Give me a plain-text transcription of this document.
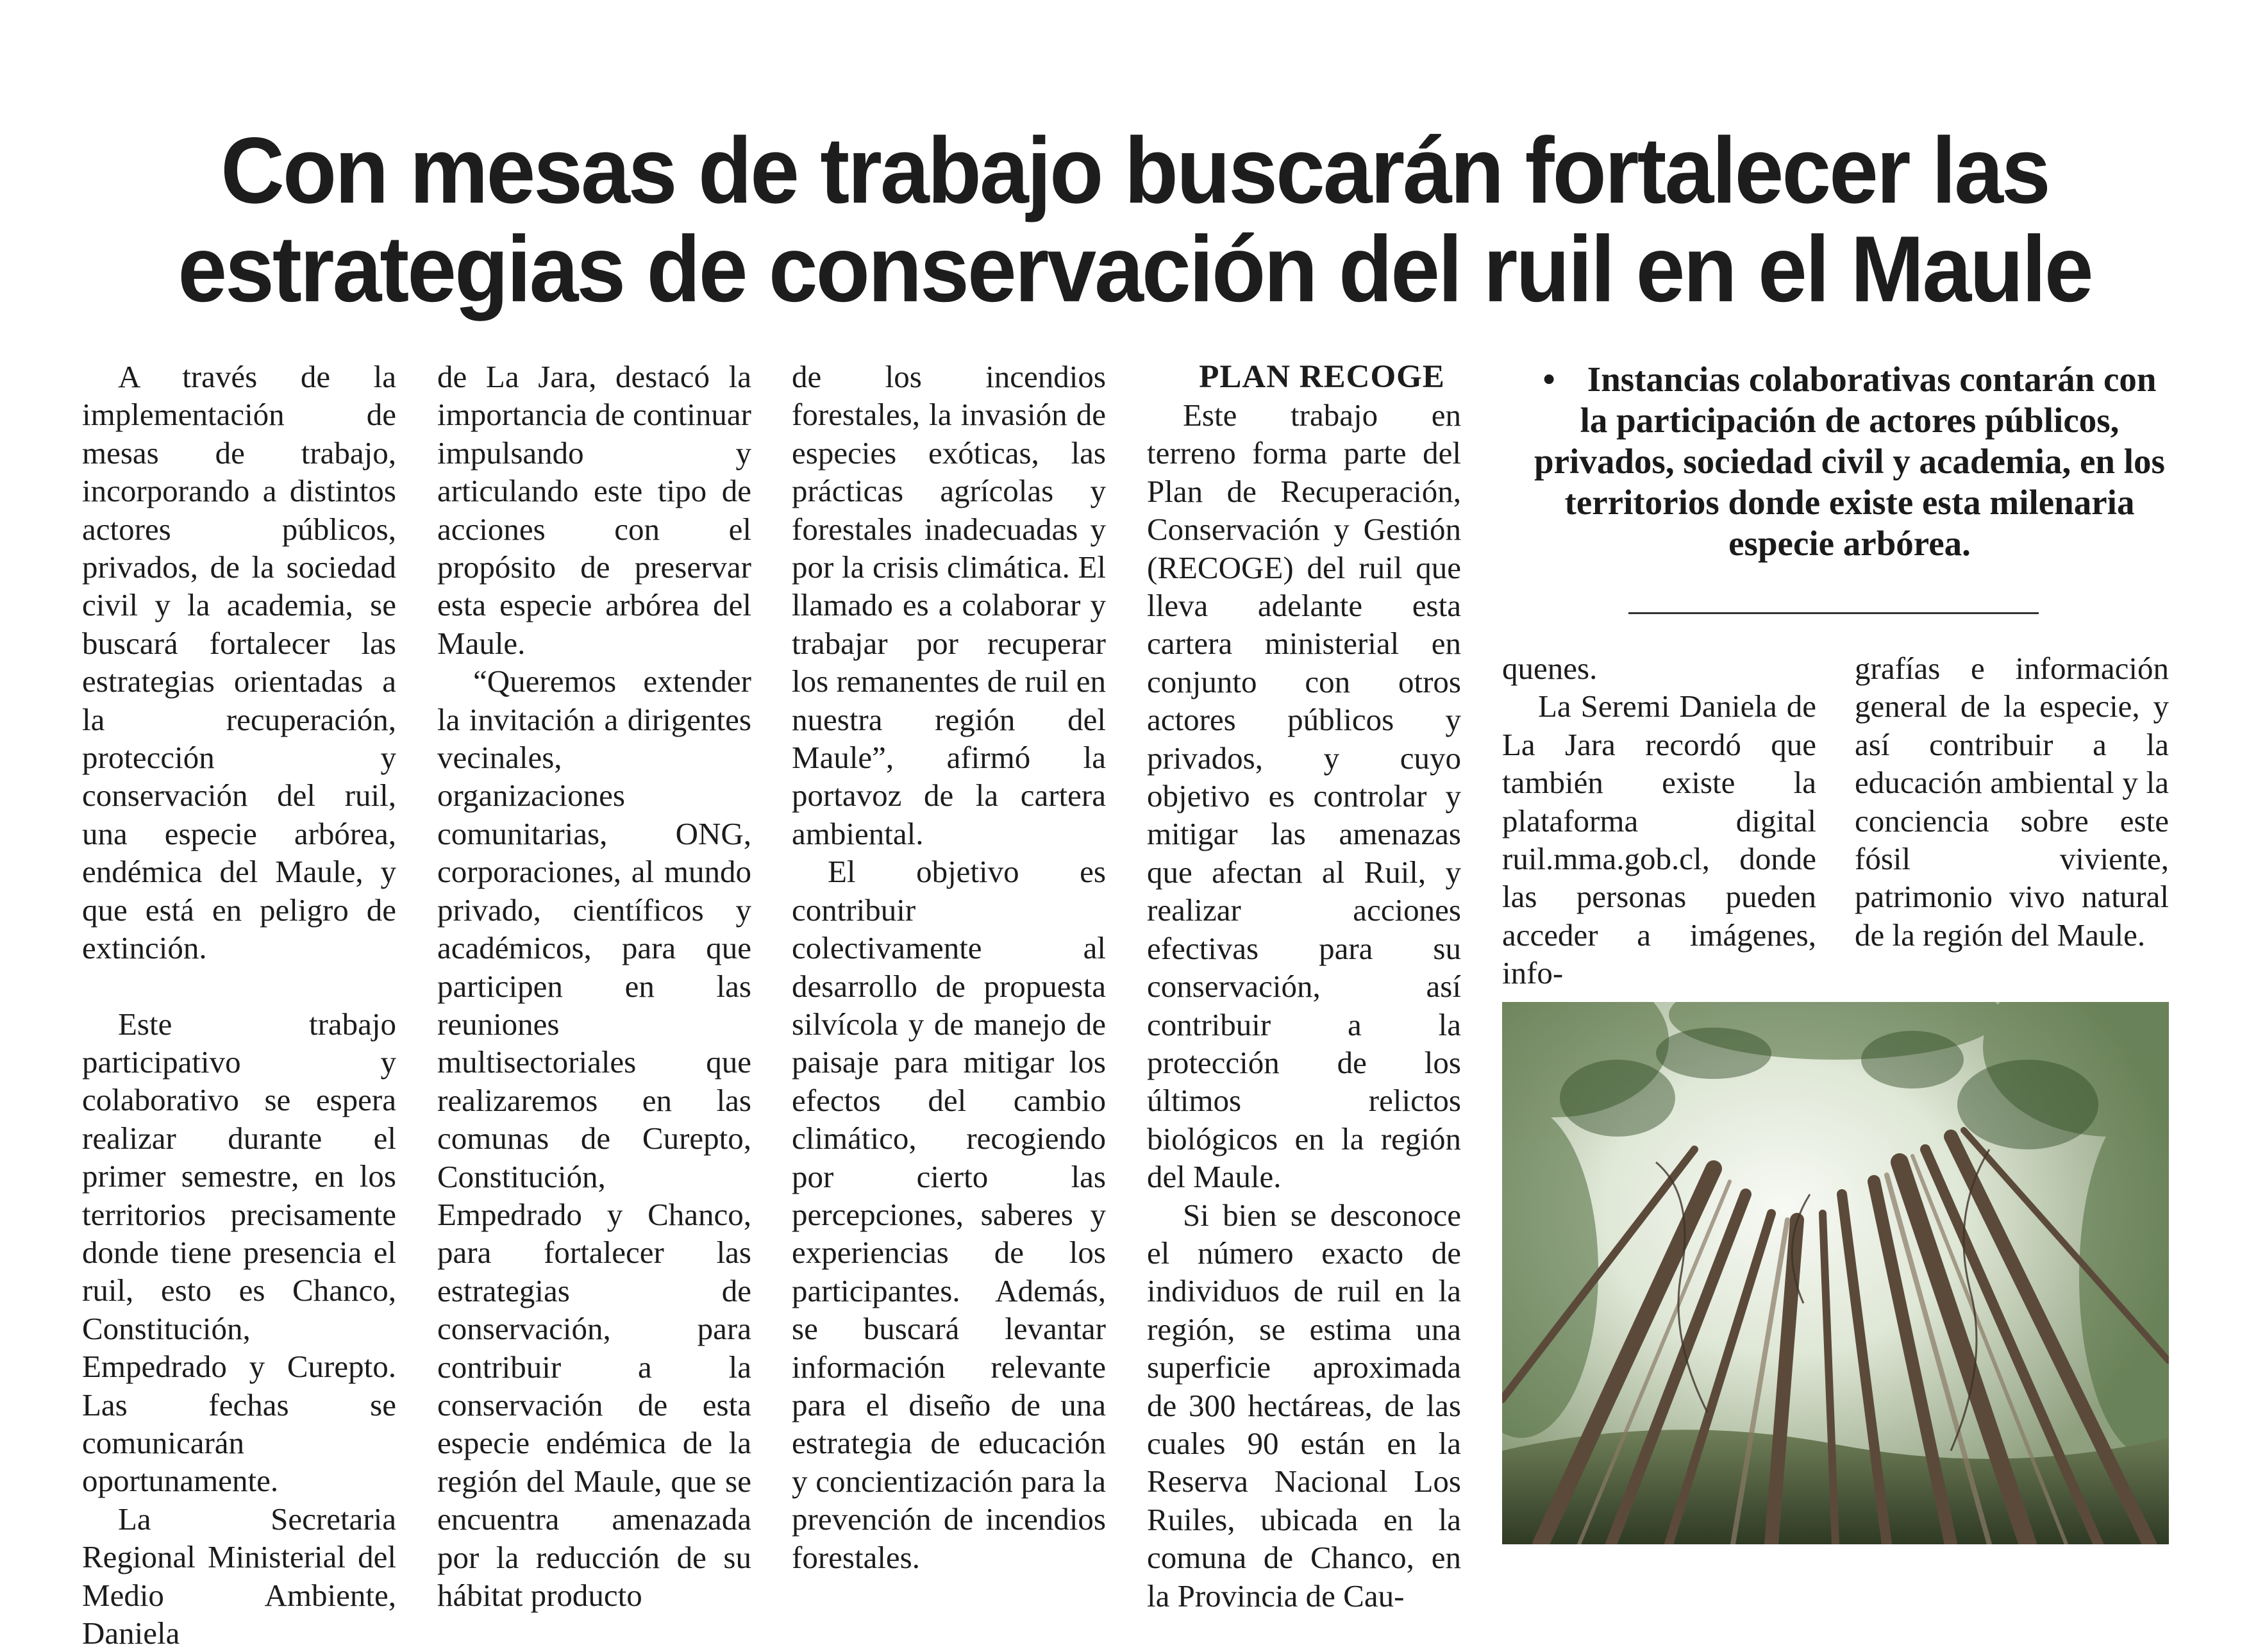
Con mesas de trabajo buscarán fortalecer las
estrategias de conservación del ruil en el Maule

A través de la implementación de mesas de trabajo, incorporando a distintos actores públicos, privados, de la sociedad civil y la academia, se buscará fortalecer las estrategias orientadas a la recuperación, protección y conservación del ruil, una especie arbórea, endémica del Maule, y que está en peligro de extinción.

Este trabajo participativo y colaborativo se espera realizar durante el primer semestre, en los territorios precisamente donde tiene presencia el ruil, esto es Chanco, Constitución, Empedrado y Curepto. Las fechas se comunicarán oportunamente.

La Secretaria Regional Ministerial del Medio Ambiente, Daniela

de La Jara, destacó la importancia de continuar impulsando y articulando este tipo de acciones con el propósito de preservar esta especie arbórea del Maule.

“Queremos extender la invitación a dirigentes vecinales, organizaciones comunitarias, ONG, corporaciones, al mundo privado, científicos y académicos, para que participen en las reuniones multisectoriales que realizaremos en las comunas de Curepto, Constitución, Empedrado y Chanco, para fortalecer las estrategias de conservación, para contribuir a la conservación de esta especie endémica de la región del Maule, que se encuentra amenazada por la reducción de su hábitat producto

de los incendios forestales, la invasión de especies exóticas, las prácticas agrícolas y forestales inadecuadas y por la crisis climática. El llamado es a colaborar y trabajar por recuperar los remanentes de ruil en nuestra región del Maule”, afirmó la portavoz de la cartera ambiental.

El objetivo es contribuir colectivamente al desarrollo de propuesta silvícola y de manejo de paisaje para mitigar los efectos del cambio climático, recogiendo por cierto las percepciones, saberes y experiencias de los participantes. Además, se buscará levantar información relevante para el diseño de una estrategia de educación y concientización para la prevención de incendios forestales.

PLAN RECOGE

Este trabajo en terreno forma parte del Plan de Recuperación, Conservación y Gestión (RECOGE) del ruil que lleva adelante esta cartera ministerial en conjunto con otros actores públicos y privados, y cuyo objetivo es controlar y mitigar las amenazas que afectan al Ruil, y realizar acciones efectivas para su conservación, así contribuir a la protección de los últimos relictos biológicos en la región del Maule.

Si bien se desconoce el número exacto de individuos de ruil en la región, se estima una superficie aproximada de 300 hectáreas, de las cuales 90 están en la Reserva Nacional Los Ruiles, ubicada en la comuna de Chanco, en la Provincia de Cau-

• Instancias colaborativas contarán con la participación de actores públicos, privados, sociedad civil y academia, en los territorios donde existe esta milenaria especie arbórea.

quenes.

La Seremi Daniela de La Jara recordó que también existe la plataforma digital ruil.mma.gob.cl, donde las personas pueden acceder a imágenes, info-

grafías e información general de la especie, y así contribuir a la educación ambiental y la conciencia sobre este fósil viviente, patrimonio vivo natural de la región del Maule.
